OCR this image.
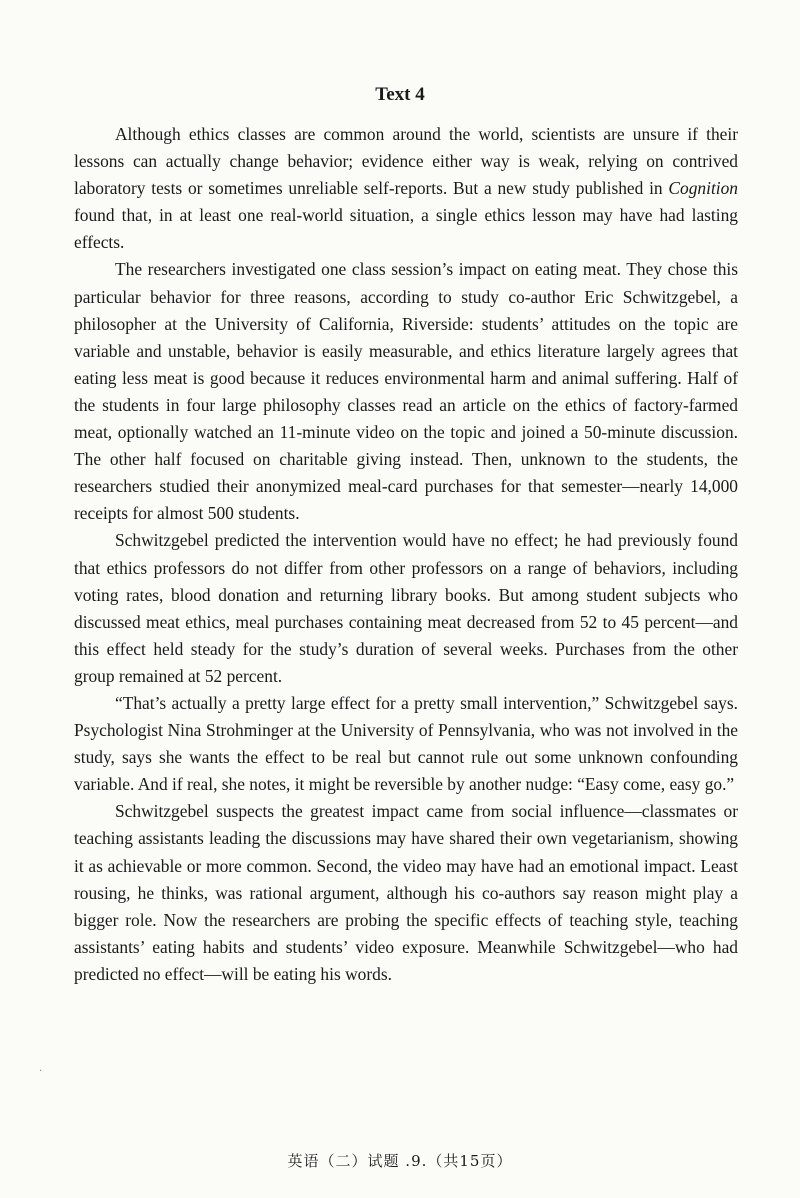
Text 4

Although ethics classes are common around the world, scientists are unsure if their lessons can actually change behavior; evidence either way is weak, relying on contrived laboratory tests or sometimes unreliable self-reports. But a new study published in Cognition found that, in at least one real-world situation, a single ethics lesson may have had lasting effects.

The researchers investigated one class session’s impact on eating meat. They chose this particular behavior for three reasons, according to study co-author Eric Schwitzgebel, a philosopher at the University of California, Riverside: students’ attitudes on the topic are variable and unstable, behavior is easily measurable, and ethics literature largely agrees that eating less meat is good because it reduces environmental harm and animal suffering. Half of the students in four large philosophy classes read an article on the ethics of factory-farmed meat, optionally watched an 11-minute video on the topic and joined a 50-minute discussion. The other half focused on charitable giving instead. Then, unknown to the students, the researchers studied their anonymized meal-card purchases for that semester—nearly 14,000 receipts for almost 500 students.

Schwitzgebel predicted the intervention would have no effect; he had previously found that ethics professors do not differ from other professors on a range of behaviors, including voting rates, blood donation and returning library books. But among student subjects who discussed meat ethics, meal purchases containing meat decreased from 52 to 45 percent—and this effect held steady for the study’s duration of several weeks. Purchases from the other group remained at 52 percent.

“That’s actually a pretty large effect for a pretty small intervention,” Schwitzgebel says. Psychologist Nina Strohminger at the University of Pennsylvania, who was not involved in the study, says she wants the effect to be real but cannot rule out some unknown confounding variable. And if real, she notes, it might be reversible by another nudge: “Easy come, easy go.”

Schwitzgebel suspects the greatest impact came from social influence—classmates or teaching assistants leading the discussions may have shared their own vegetarianism, showing it as achievable or more common. Second, the video may have had an emotional impact. Least rousing, he thinks, was rational argument, although his co-authors say reason might play a bigger role. Now the researchers are probing the specific effects of teaching style, teaching assistants’ eating habits and students’ video exposure. Meanwhile Schwitzgebel—who had predicted no effect—will be eating his words.

·
英语（二）试题 .9.（共15页）
